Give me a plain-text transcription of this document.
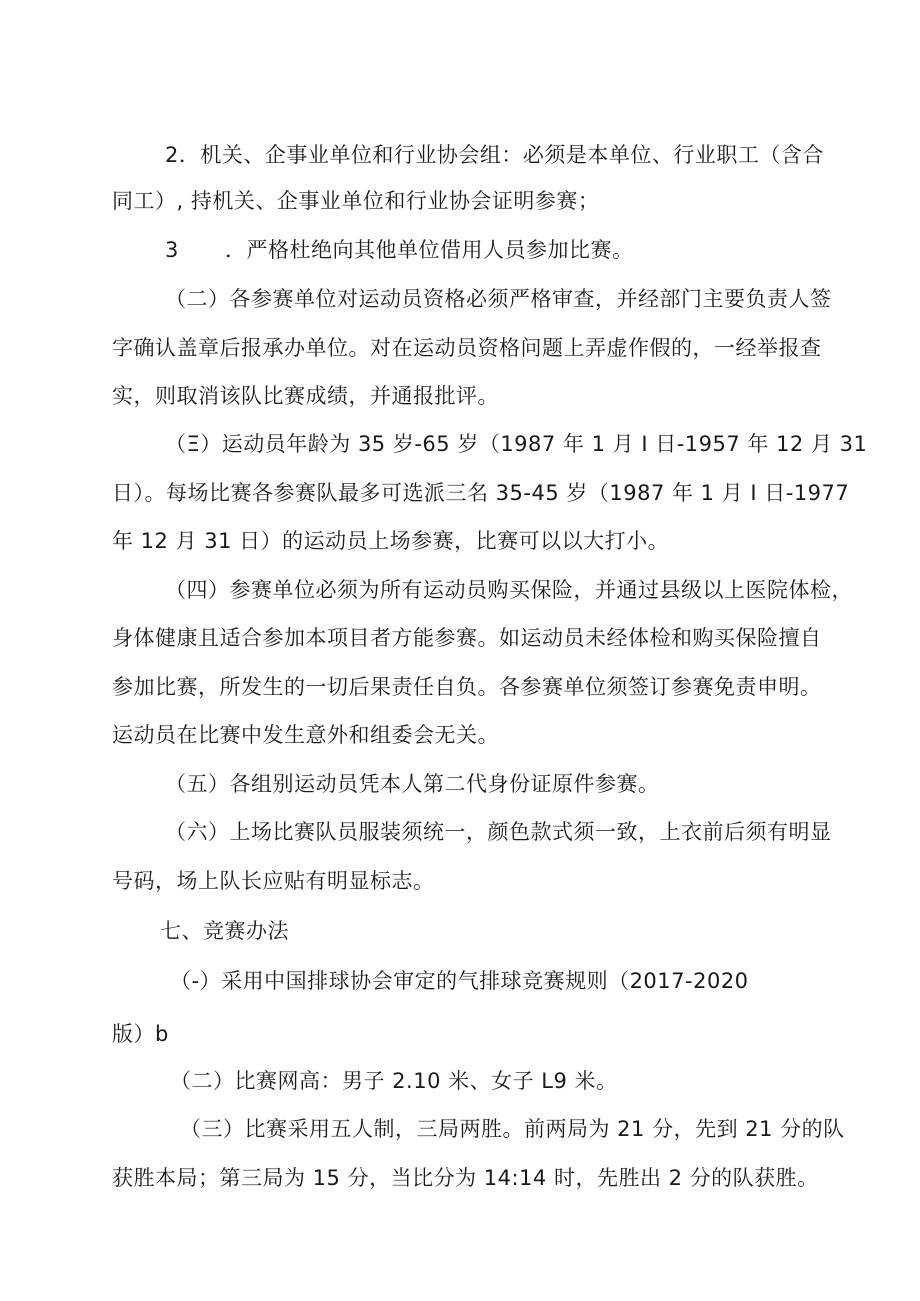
2．机关、企事业单位和行业协会组：必须是本单位、行业职工（含合
同工）, 持机关、企事业单位和行业协会证明参赛；
3 ．严格杜绝向其他单位借用人员参加比赛。
（二）各参赛单位对运动员资格必须严格审查，并经部门主要负责人签
字确认盖章后报承办单位。对在运动员资格问题上弄虚作假的，一经举报查
实，则取消该队比赛成绩，并通报批评。
（Ξ）运动员年龄为 35 岁-65 岁（1987 年 1 月 I 日-1957 年 12 月 31
日）。每场比赛各参赛队最多可选派三名 35-45 岁（1987 年 1 月 I 日-1977
年 12 月 31 日）的运动员上场参赛，比赛可以以大打小。
（四）参赛单位必须为所有运动员购买保险，并通过县级以上医院体检，
身体健康且适合参加本项目者方能参赛。如运动员未经体检和购买保险擅自
参加比赛，所发生的一切后果责任自负。各参赛单位须签订参赛免责申明。
运动员在比赛中发生意外和组委会无关。
（五）各组别运动员凭本人第二代身份证原件参赛。
（六）上场比赛队员服装须统一，颜色款式须一致，上衣前后须有明显
号码，场上队长应贴有明显标志。
七、竞赛办法
（-）采用中国排球协会审定的气排球竞赛规则（2017-2020
版）b
（二）比赛网高：男子 2.10 米、女子 L9 米。
（三）比赛采用五人制，三局两胜。前两局为 21 分，先到 21 分的队
获胜本局；第三局为 15 分，当比分为 14:14 时，先胜出 2 分的队获胜。
